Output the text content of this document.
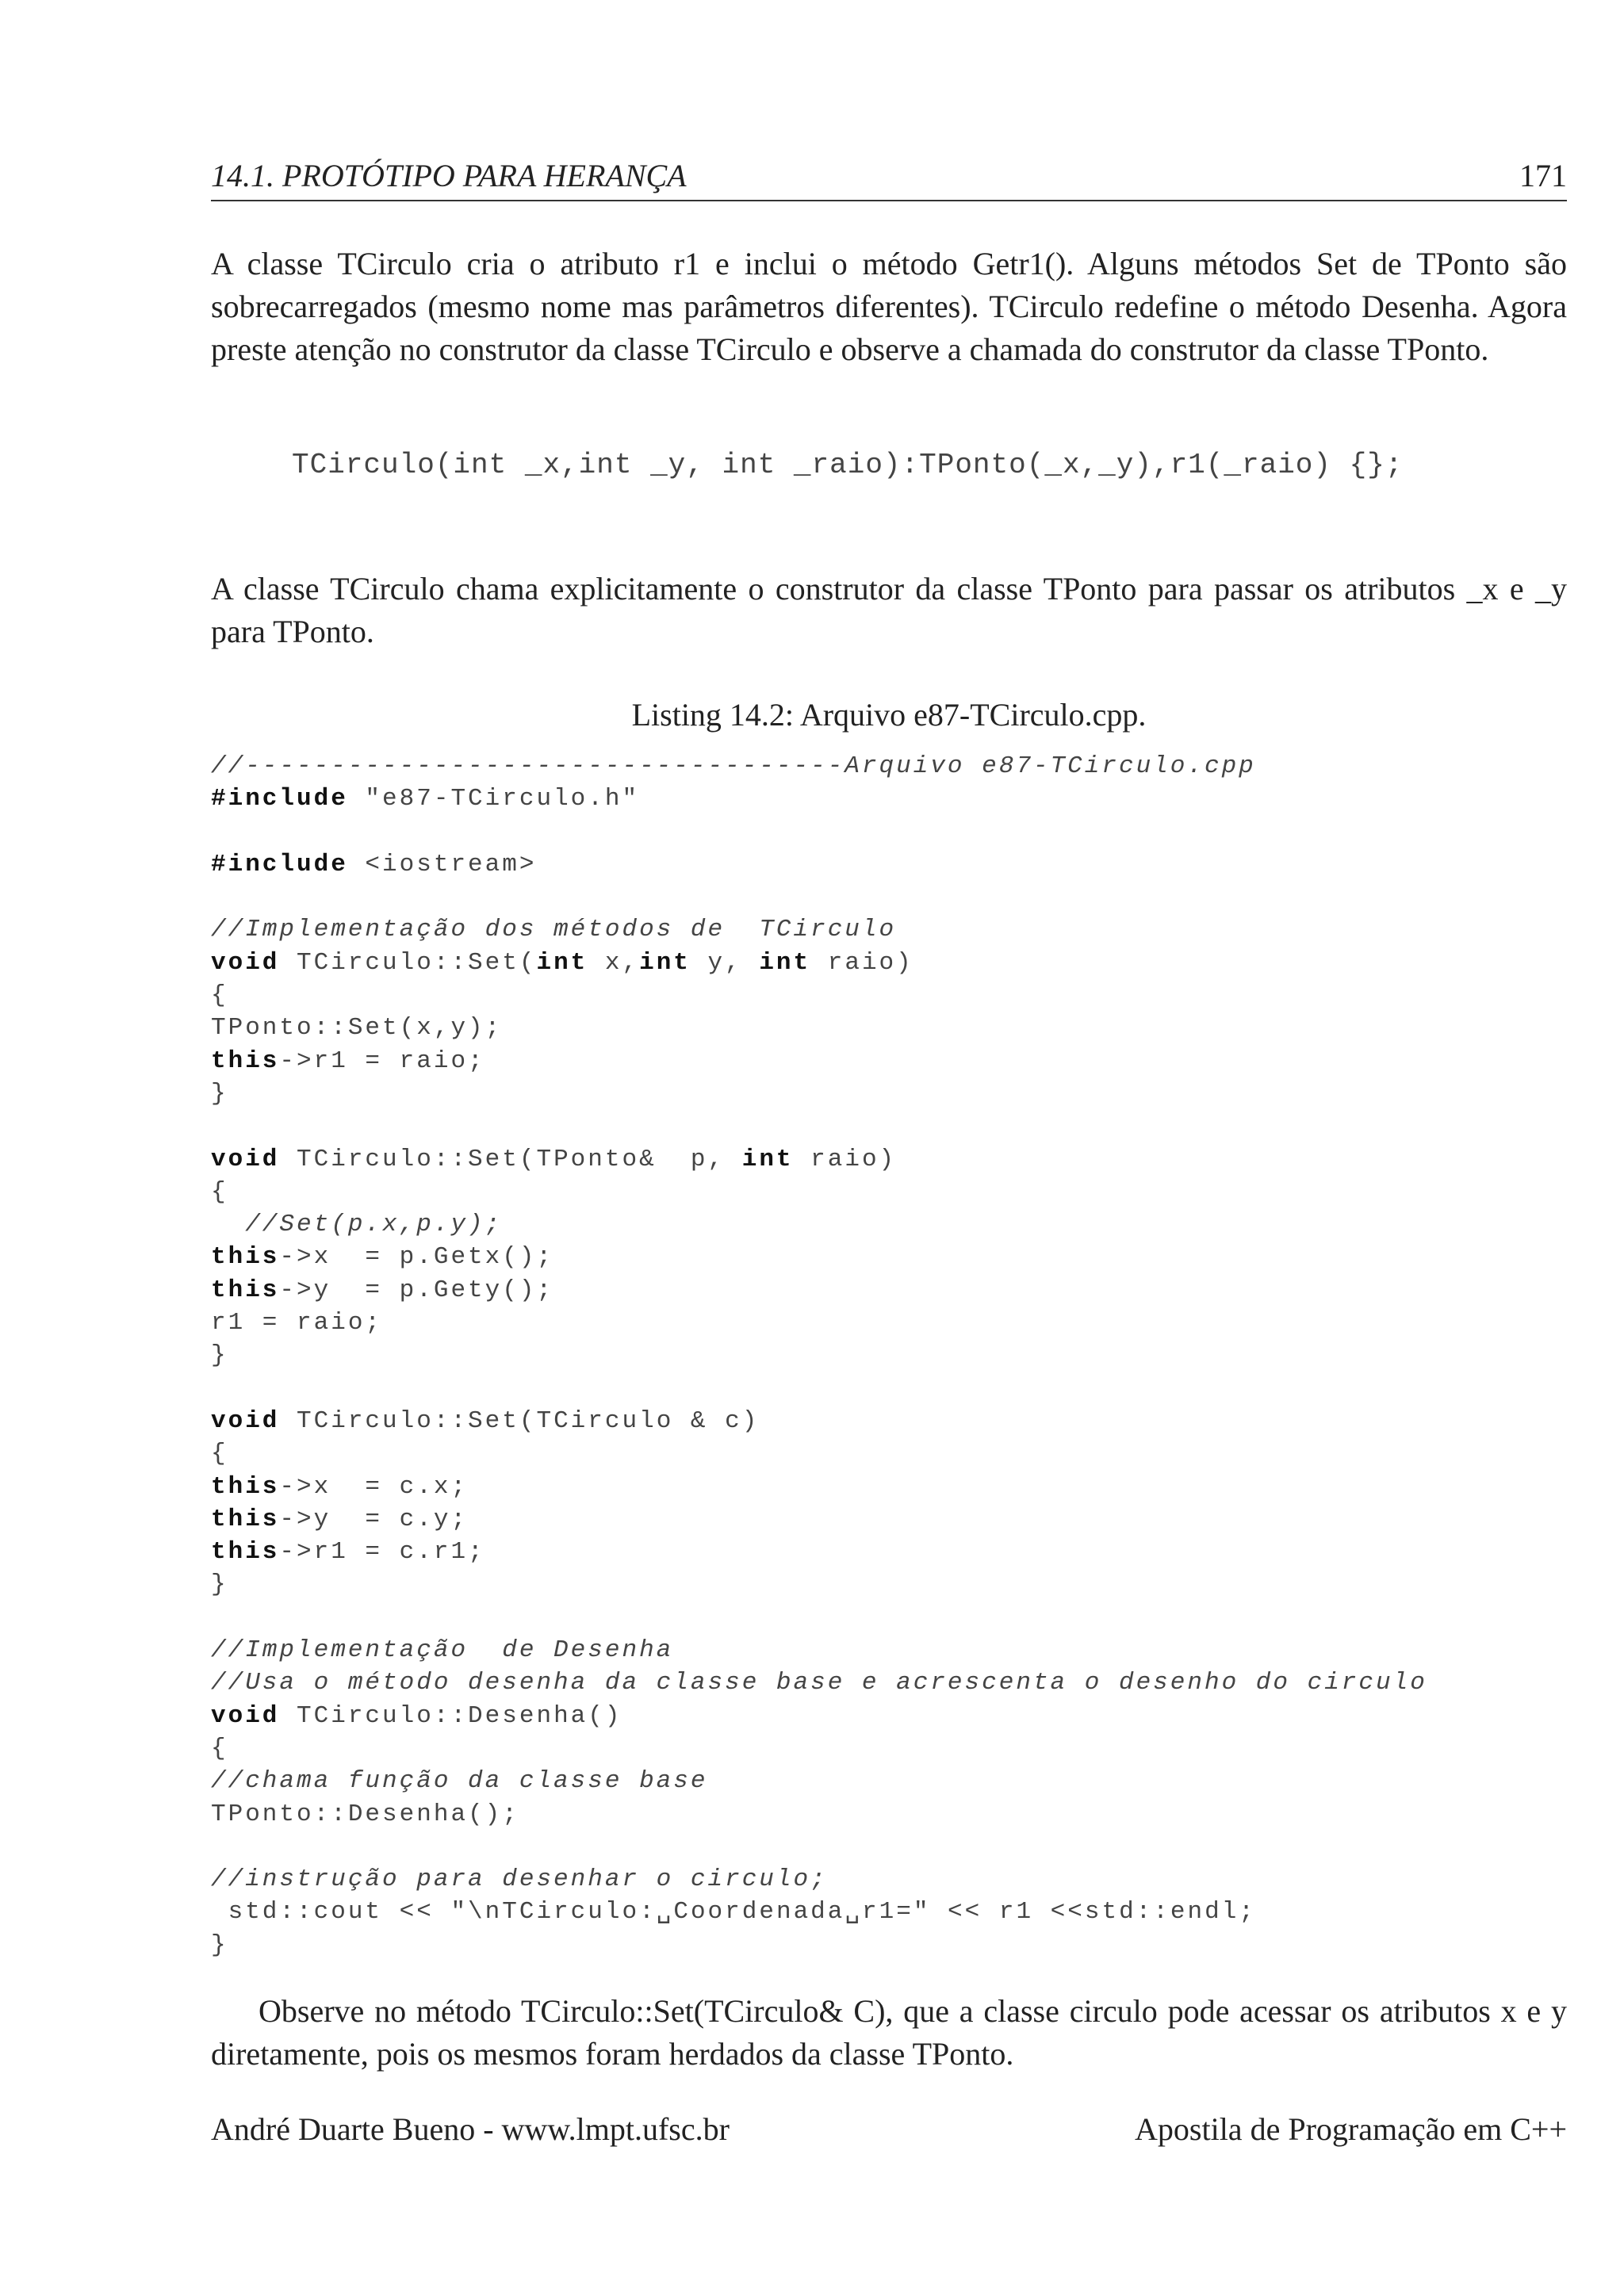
14.1. PROTÓTIPO PARA HERANÇA	171

A classe TCirculo cria o atributo r1 e inclui o método Getr1(). Alguns métodos Set de TPonto são sobrecarregados (mesmo nome mas parâmetros diferentes). TCirculo redefine o método Desenha. Agora preste atenção no construtor da classe TCirculo e observe a chamada do construtor da classe TPonto.

TCirculo(int _x,int _y, int _raio):TPonto(_x,_y),r1(_raio) {};

A classe TCirculo chama explicitamente o construtor da classe TPonto para passar os atributos _x e _y para TPonto.

Listing 14.2: Arquivo e87-TCirculo.cpp.
//-----------------------------------Arquivo e87-TCirculo.cpp
#include "e87-TCirculo.h"
#include <iostream>
//Implementação dos métodos de  TCirculo
void TCirculo::Set(int x,int y, int raio)
{
TPonto::Set(x,y);
this->r1 = raio;
}
void TCirculo::Set(TPonto&  p, int raio)
{
//Set(p.x,p.y);
this->x  = p.Getx();
this->y  = p.Gety();
r1 = raio;
}
void TCirculo::Set(TCirculo & c)
{
this->x  = c.x;
this->y  = c.y;
this->r1 = c.r1;
}
//Implementação  de Desenha
//Usa o método desenha da classe base e acrescenta o desenho do circulo
void TCirculo::Desenha()
{
//chama função da classe base
TPonto::Desenha();
//instrução para desenhar o circulo;
std::cout << "\nTCirculo:␣Coordenada␣r1=" << r1 <<std::endl;
}

Observe no método TCirculo::Set(TCirculo& C), que a classe circulo pode acessar os atributos x e y diretamente, pois os mesmos foram herdados da classe TPonto.

André Duarte Bueno - www.lmpt.ufsc.br	Apostila de Programação em C++
